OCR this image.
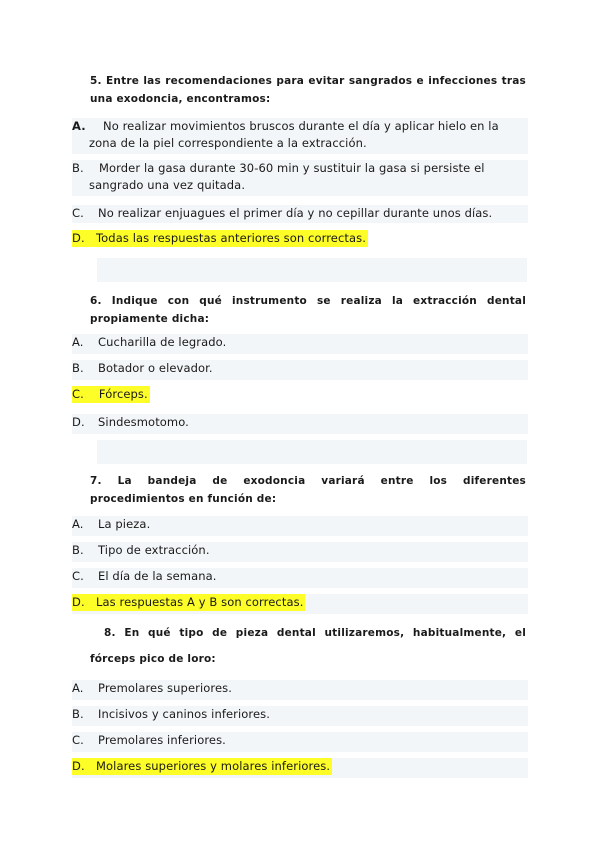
5. Entre las recomendaciones para evitar sangrados e infecciones tras una exodoncia, encontramos:
A.	No realizar movimientos bruscos durante el día y aplicar hielo en la zona de la piel correspondiente a la extracción.
B.	Morder la gasa durante 30-60 min y sustituir la gasa si persiste el sangrado una vez quitada.
C.	No realizar enjuagues el primer día y no cepillar durante unos días.
D. Todas las respuestas anteriores son correctas.
6. Indique con qué instrumento se realiza la extracción dental propiamente dicha:
A.	Cucharilla de legrado.
B.	Botador o elevador.
C. Fórceps.
D.	Sindesmotomo.
7. La bandeja de exodoncia variará entre los diferentes procedimientos en función de:
A.	La pieza.
B.	Tipo de extracción.
C.	El día de la semana.
D. Las respuestas A y B son correctas.
8. En qué tipo de pieza dental utilizaremos, habitualmente, el fórceps pico de loro:
A.	Premolares superiores.
B.	Incisivos y caninos inferiores.
C.	Premolares inferiores.
D. Molares superiores y molares inferiores.
